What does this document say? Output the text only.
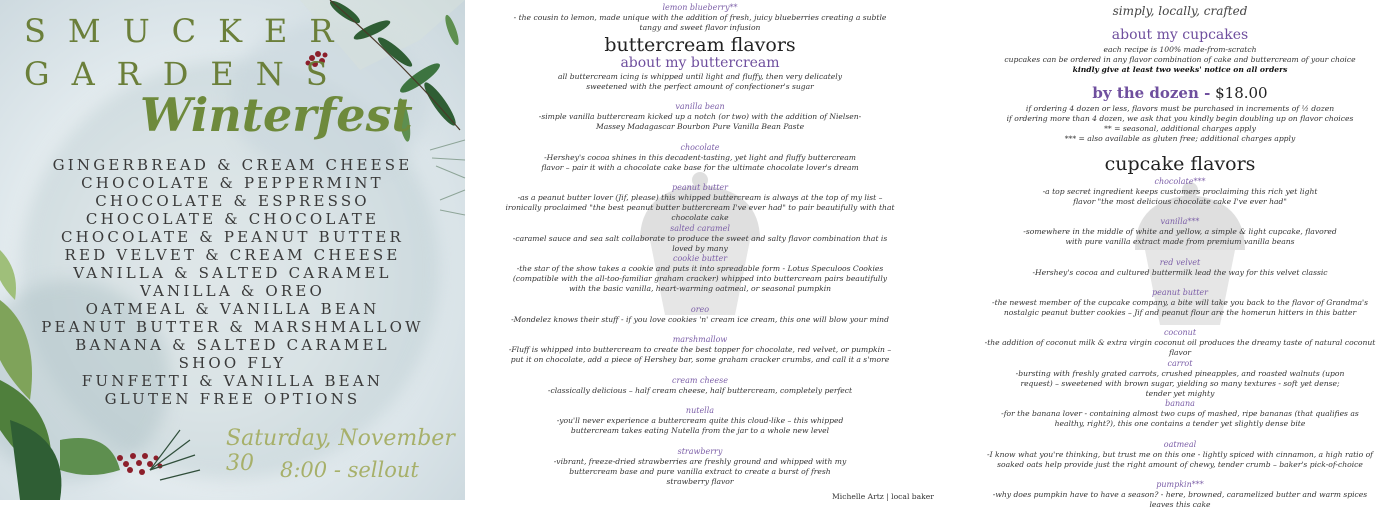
SMUCKER
GARDENS
Winterfest
GINGERBREAD & CREAM CHEESE
CHOCOLATE & PEPPERMINT
CHOCOLATE & ESPRESSO
CHOCOLATE & CHOCOLATE
CHOCOLATE & PEANUT BUTTER
RED VELVET & CREAM CHEESE
VANILLA & SALTED CARAMEL
VANILLA & OREO
OATMEAL & VANILLA BEAN
PEANUT BUTTER & MARSHMALLOW
BANANA & SALTED CARAMEL
SHOO FLY
FUNFETTI & VANILLA BEAN
GLUTEN FREE OPTIONS
Saturday, November 30	8:00 - sellout
lemon blueberry**
- the cousin to lemon, made unique with the addition of fresh, juicy blueberries creating a subtle tangy and sweet flavor infusion
buttercream flavors
about my buttercream
all buttercream icing is whipped until light and fluffy, then very delicately sweetened with the perfect amount of confectioner's sugar
vanilla bean
-simple vanilla buttercream kicked up a notch (or two) with the addition of Nielsen-Massey Madagascar Bourbon Pure Vanilla Bean Paste
chocolate
-Hershey's cocoa shines in this decadent-tasting, yet light and fluffy buttercream flavor – pair it with a chocolate cake base for the ultimate chocolate lover's dream
peanut butter
-as a peanut butter lover (Jif, please) this whipped buttercream is always at the top of my list – ironically proclaimed "the best peanut butter buttercream I've ever had" to pair beautifully with that chocolate cake
salted caramel
-caramel sauce and sea salt collaborate to produce the sweet and salty flavor combination that is loved by many
cookie butter
-the star of the show takes a cookie and puts it into spreadable form - Lotus Speculoos Cookies (compatible with the all-too-familiar graham cracker) whipped into buttercream pairs beautifully with the basic vanilla, heart-warming oatmeal, or seasonal pumpkin
oreo
-Mondelez knows their stuff - if you love cookies 'n' cream ice cream, this one will blow your mind
marshmallow
-Fluff is whipped into buttercream to create the best topper for chocolate, red velvet, or pumpkin – put it on chocolate, add a piece of Hershey bar, some graham cracker crumbs, and call it a s'more
cream cheese
-classically delicious – half cream cheese, half buttercream, completely perfect
nutella
-you'll never experience a buttercream quite this cloud-like – this whipped buttercream takes eating Nutella from the jar to a whole new level
strawberry
-vibrant, freeze-dried strawberries are freshly ground and whipped with my buttercream base and pure vanilla extract to create a burst of fresh strawberry flavor
Michelle Artz | local baker
simply, locally, crafted
about my cupcakes
each recipe is 100% made-from-scratch
cupcakes can be ordered in any flavor combination of cake and buttercream of your choice
kindly give at least two weeks' notice on all orders
by the dozen - $18.00
if ordering 4 dozen or less, flavors must be purchased in increments of ½ dozen
if ordering more than 4 dozen, we ask that you kindly begin doubling up on flavor choices
** = seasonal, additional charges apply
*** = also available as gluten free; additional charges apply
cupcake flavors
chocolate***
-a top secret ingredient keeps customers proclaiming this rich yet light flavor "the most delicious chocolate cake I've ever had"
vanilla***
-somewhere in the middle of white and yellow, a simple & light cupcake, flavored with pure vanilla extract made from premium vanilla beans
red velvet
-Hershey's cocoa and cultured buttermilk lead the way for this velvet classic
peanut butter
-the newest member of the cupcake company, a bite will take you back to the flavor of Grandma's nostalgic peanut butter cookies – Jif and peanut flour are the homerun hitters in this batter
coconut
-the addition of coconut milk & extra virgin coconut oil produces the dreamy taste of natural coconut flavor
carrot
-bursting with freshly grated carrots, crushed pineapples, and roasted walnuts (upon request) – sweetened with brown sugar, yielding so many textures - soft yet dense; tender yet mighty
banana
-for the banana lover - containing almost two cups of mashed, ripe bananas (that qualifies as healthy, right?), this one contains a tender yet slightly dense bite
oatmeal
-I know what you're thinking, but trust me on this one - lightly spiced with cinnamon, a high ratio of soaked oats help provide just the right amount of chewy, tender crumb – baker's pick-of-choice
pumpkin***
-why does pumpkin have to have a season? - here, browned, caramelized butter and warm spices leaves this cake
